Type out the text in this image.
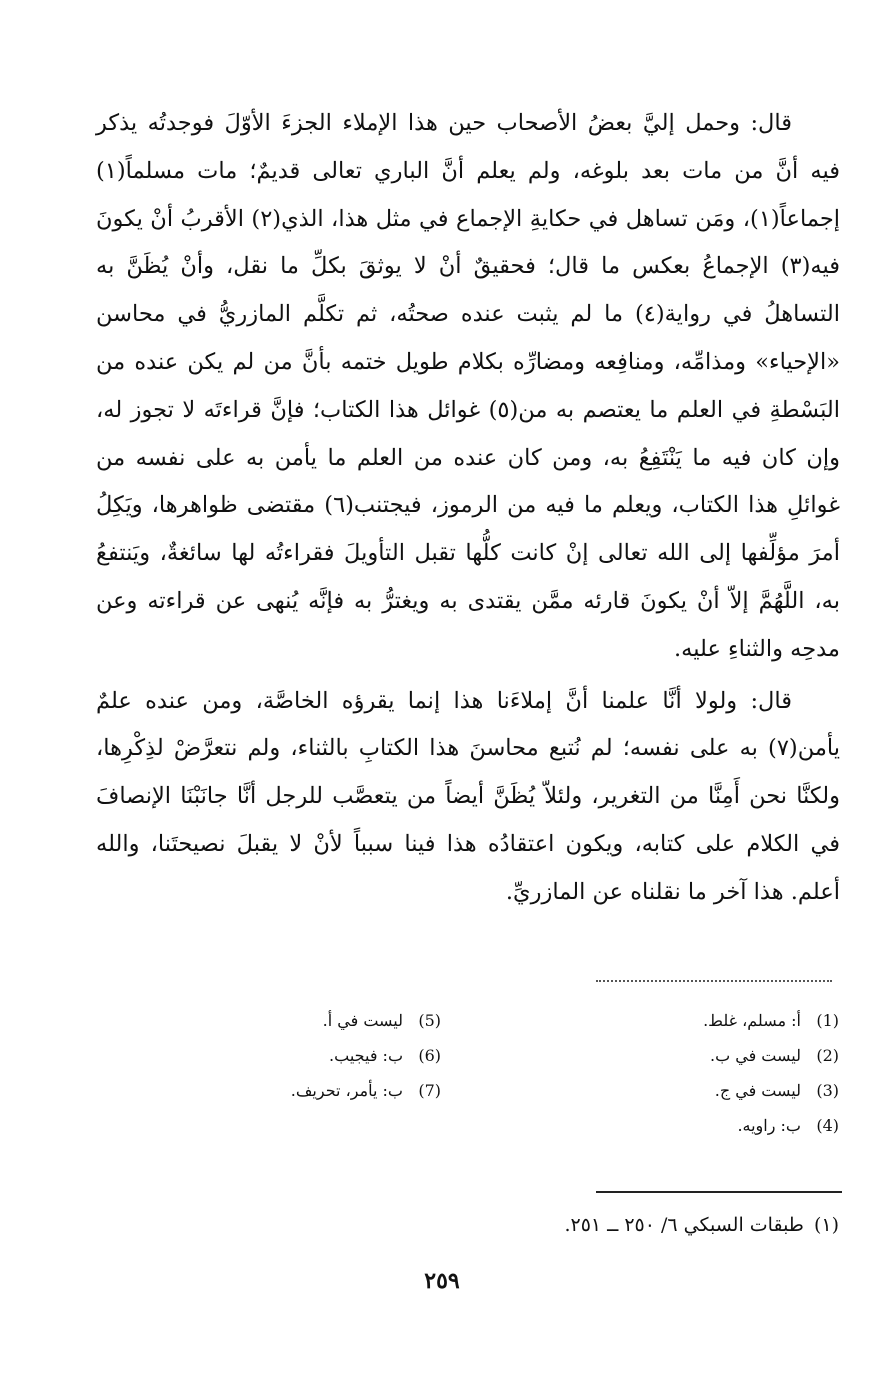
قال: وحمل إليَّ بعضُ الأصحاب حين هذا الإملاء الجزءَ الأوّلَ فوجدتُه يذكر فيه أنَّ من مات بعد بلوغه، ولم يعلم أنَّ الباري تعالى قديمٌ؛ مات مسلماً(١) إجماعاً(١)، ومَن تساهل في حكايةِ الإجماع في مثل هذا، الذي(٢) الأقربُ أنْ يكونَ فيه(٣) الإجماعُ بعكس ما قال؛ فحقيقٌ أنْ لا يوثقَ بكلِّ ما نقل، وأنْ يُظَنَّ به التساهلُ في رواية(٤) ما لم يثبت عنده صحتُه، ثم تكلَّم المازريُّ في محاسن «الإحياء» ومذامِّه، ومنافِعه ومضارِّه بكلام طويل ختمه بأنَّ من لم يكن عنده من البَسْطةِ في العلم ما يعتصم به من(٥) غوائل هذا الكتاب؛ فإنَّ قراءتَه لا تجوز له، وإن كان فيه ما يَنْتَفِعُ به، ومن كان عنده من العلم ما يأمن به على نفسه من غوائلِ هذا الكتاب، ويعلم ما فيه من الرموز، فيجتنب(٦) مقتضى ظواهرها، ويَكِلُ أمرَ مؤلِّفها إلى الله تعالى إنْ كانت كلُّها تقبل التأويلَ فقراءتُه لها سائغةٌ، ويَنتفعُ به، اللَّهُمَّ إلاّ أنْ يكونَ قارئه ممَّن يقتدى به ويغترُّ به فإنَّه يُنهى عن قراءته وعن مدحِه والثناءِ عليه.

قال: ولولا أنَّا علمنا أنَّ إملاءَنا هذا إنما يقرؤه الخاصَّة، ومن عنده علمٌ يأمن(٧) به على نفسه؛ لم نُتبع محاسنَ هذا الكتابِ بالثناء، ولم نتعرَّضْ لذِكْرِها، ولكنَّا نحن أَمِنَّا من التغرير، ولئلاّ يُظَنَّ أيضاً من يتعصَّب للرجل أنَّا جانَبْنَا الإنصافَ في الكلام على كتابه، ويكون اعتقادُه هذا فينا سبباً لأنْ لا يقبلَ نصيحتَنا، والله أعلم. هذا آخر ما نقلناه عن المازريِّ.

(1)أ: مسلم، غلط.
(2)ليست في ب.
(3)ليست في ج.
(4)ب: راويه.
(5)ليست في أ.
(6)ب: فيجيب.
(7)ب: يأمر، تحريف.
(١)طبقات السبكي ٦/ ٢٥٠ ــ ٢٥١.
٢٥٩
